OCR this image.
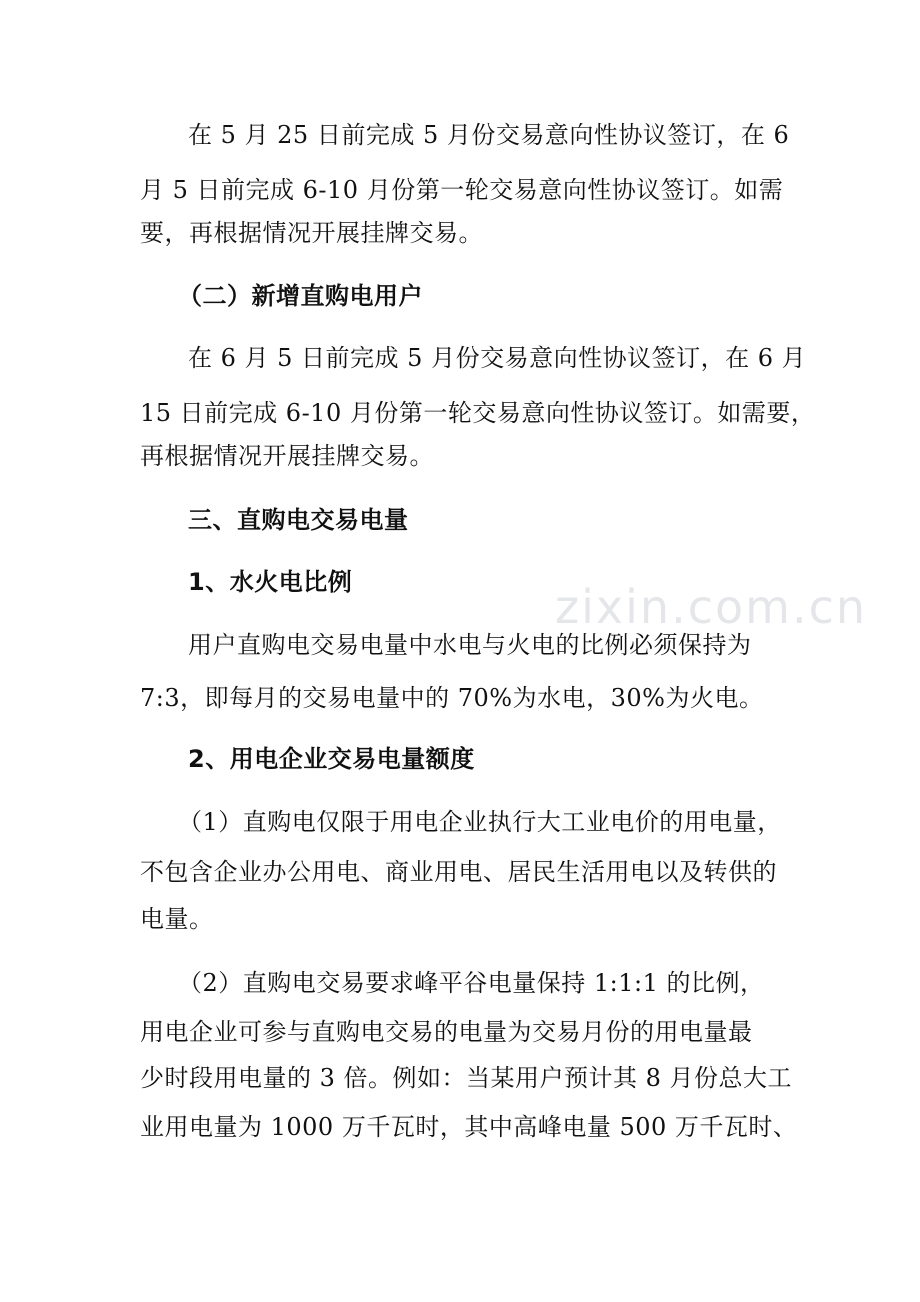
zixin.com.cn
在 5 月 25 日前完成 5 月份交易意向性协议签订，在 6
月 5 日前完成 6-10 月份第一轮交易意向性协议签订。如需
要，再根据情况开展挂牌交易。
（二）新增直购电用户
在 6 月 5 日前完成 5 月份交易意向性协议签订，在 6 月
15 日前完成 6-10 月份第一轮交易意向性协议签订。如需要，
再根据情况开展挂牌交易。
三、直购电交易电量
1、水火电比例
用户直购电交易电量中水电与火电的比例必须保持为
7:3，即每月的交易电量中的 70%为水电，30%为火电。
2、用电企业交易电量额度
（1）直购电仅限于用电企业执行大工业电价的用电量，
不包含企业办公用电、商业用电、居民生活用电以及转供的
电量。
（2）直购电交易要求峰平谷电量保持 1:1:1 的比例，
用电企业可参与直购电交易的电量为交易月份的用电量最
少时段用电量的 3 倍。例如：当某用户预计其 8 月份总大工
业用电量为 1000 万千瓦时，其中高峰电量 500 万千瓦时、
